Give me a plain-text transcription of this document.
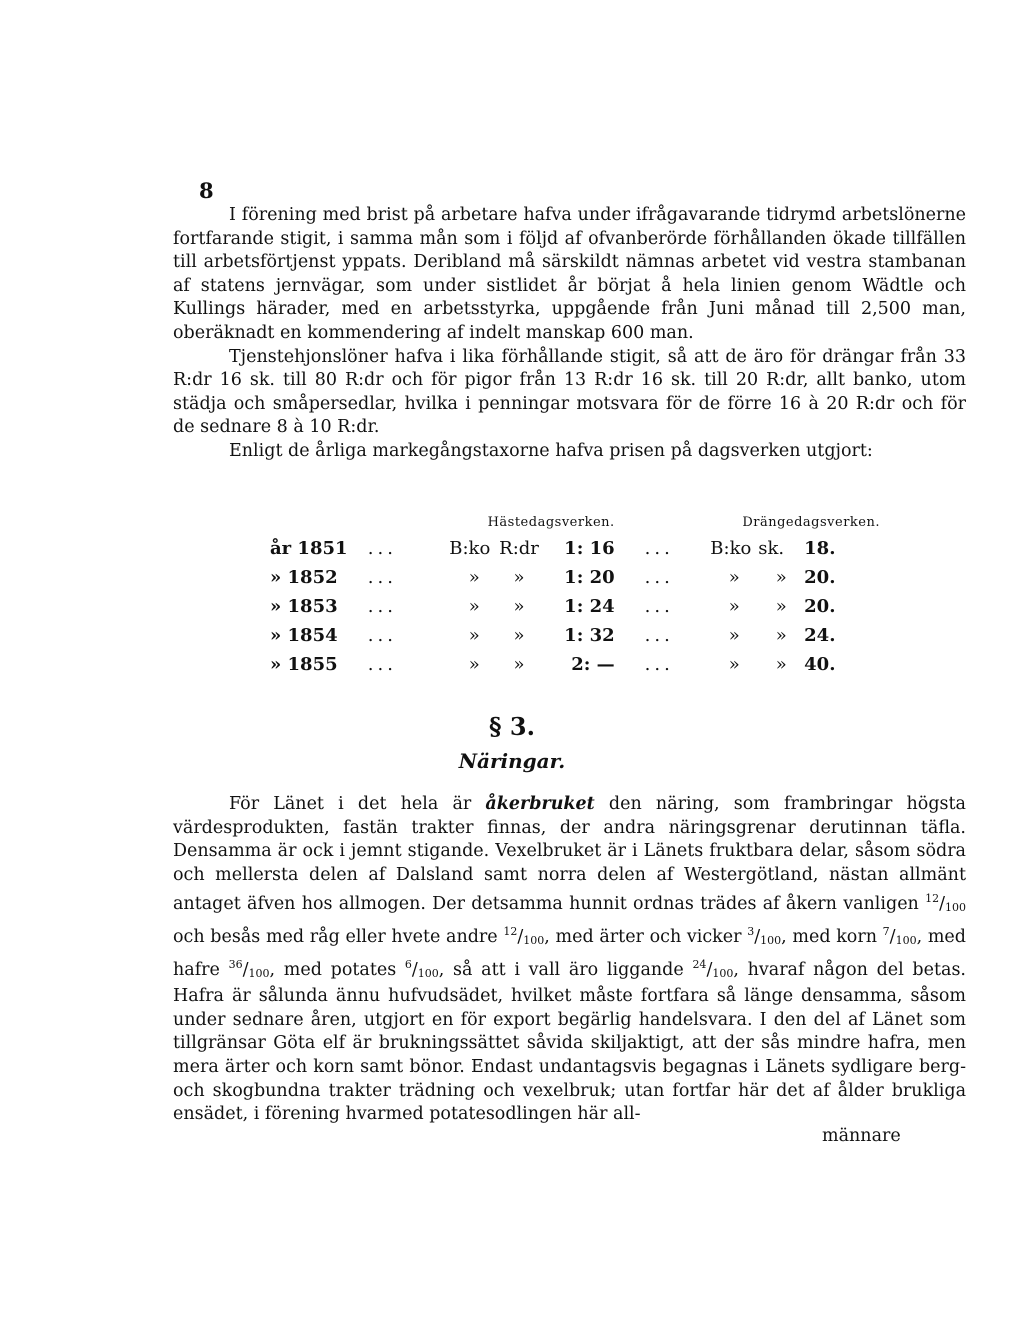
8

I förening med brist på arbetare hafva under ifrågavarande tidrymd arbetslönerne fortfarande stigit, i samma mån som i följd af ofvanberörde förhållanden ökade tillfällen till arbetsförtjenst yppats. Deribland må särskildt nämnas arbetet vid vestra stambanan af statens jernvägar, som under sistlidet år börjat å hela linien genom Wädtle och Kullings härader, med en arbetsstyrka, uppgående från Juni månad till 2,500 man, oberäknadt en kommendering af indelt manskap 600 man.

Tjenstehjonslöner hafva i lika förhållande stigit, så att de äro för drängar från 33 R:dr 16 sk. till 80 R:dr och för pigor från 13 R:dr 16 sk. till 20 R:dr, allt banko, utom städja och småpersedlar, hvilka i penningar motsvara för de förre 16 à 20 R:dr och för de sednare 8 à 10 R:dr.

Enligt de årliga markegångstaxorne hafva prisen på dagsverken utgjort:

		Hästedagsverken.				Drängedagsverken.		
år 1851	...	B:ko	R:dr	1: 16	...	B:ko	sk.	18.
» 1852	...	»	»	1: 20	...	»	»	20.
» 1853	...	»	»	1: 24	...	»	»	20.
» 1854	...	»	»	1: 32	...	»	»	24.
» 1855	...	»	»	2: —	...	»	»	40.
§ 3.
Näringar.

För Länet i det hela är åkerbruket den näring, som frambringar högsta värdesprodukten, fastän trakter finnas, der andra näringsgrenar derutinnan täfla. Densamma är ock i jemnt stigande. Vexelbruket är i Länets fruktbara delar, såsom södra och mellersta delen af Dalsland samt norra delen af Westergötland, nästan allmänt antaget äfven hos allmogen. Der detsamma hunnit ordnas trädes af åkern vanligen $^{12}/_{100}$ och besås med råg eller hvete andre $^{12}/_{100}$, med ärter och vicker $^3/_{100}$, med korn $^7/_{100}$, med hafre $^{36}/_{100}$, med potates $^6/_{100}$, så att i vall äro liggande $^{24}/_{100}$, hvaraf någon del betas. Hafra är sålunda ännu hufvudsädet, hvilket måste fortfara så länge densamma, såsom under sednare åren, utgjort en för export begärlig handelsvara. I den del af Länet som tillgränsar Göta elf är brukningssättet såvida skiljaktigt, att der sås mindre hafra, men mera ärter och korn samt bönor. Endast undantagsvis begagnas i Länets sydligare berg- och skogbundna trakter trädning och vexelbruk; utan fortfar här det af ålder brukliga ensädet, i förening hvarmed potatesodlingen här all-

männare
